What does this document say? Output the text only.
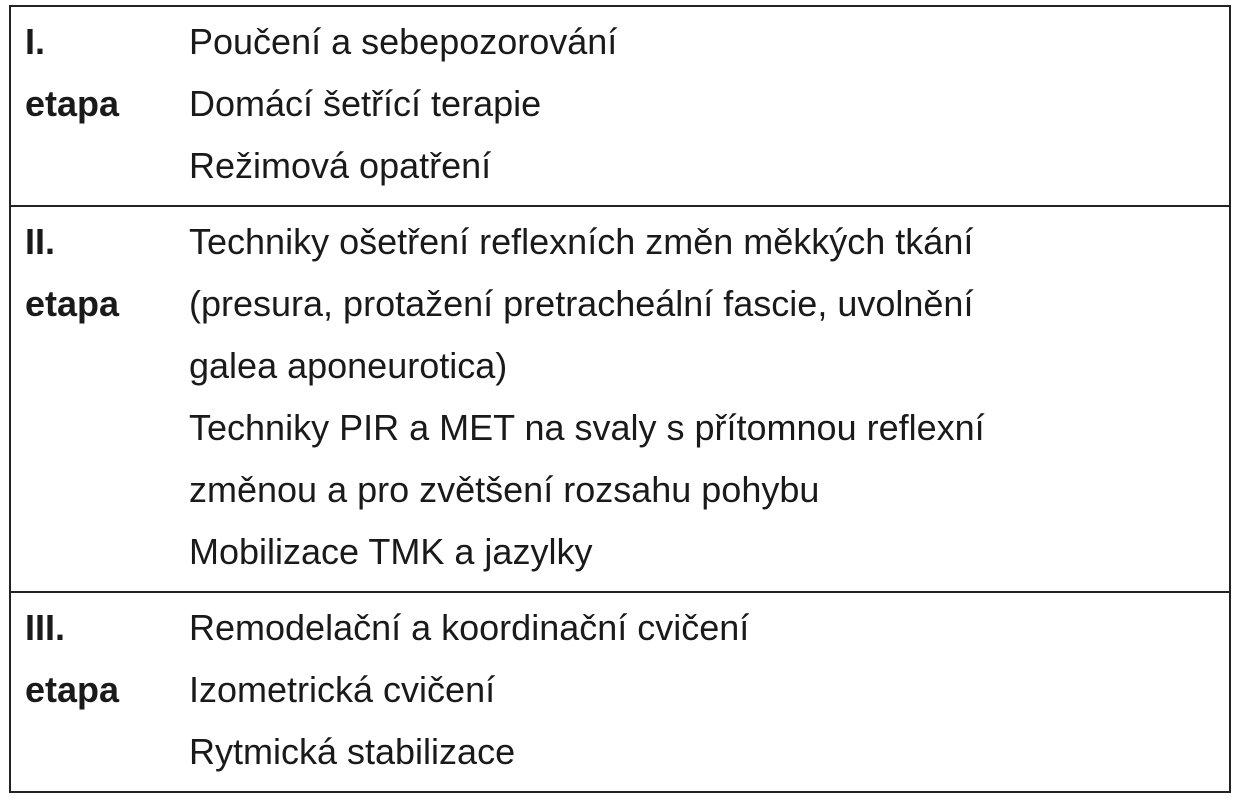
I.
etapa
Poučení a sebepozorování
Domácí šetřící terapie
Režimová opatření
II.
etapa
Techniky ošetření reflexních změn měkkých tkání
(presura, protažení pretracheální fascie, uvolnění
galea aponeurotica)
Techniky PIR a MET na svaly s přítomnou reflexní
změnou a pro zvětšení rozsahu pohybu
Mobilizace TMK a jazylky
III.
etapa
Remodelační a koordinační cvičení
Izometrická cvičení
Rytmická stabilizace
